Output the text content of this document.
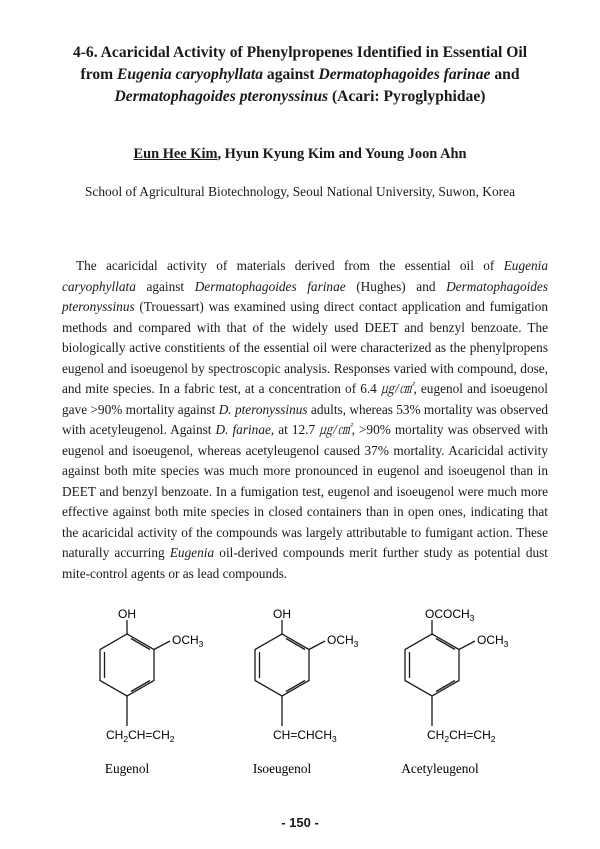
4-6. Acaricidal Activity of Phenylpropenes Identified in Essential Oil
from Eugenia caryophyllata against Dermatophagoides farinae and
Dermatophagoides pteronyssinus (Acari: Pyroglyphidae)
Eun Hee Kim, Hyun Kyung Kim and Young Joon Ahn
School of Agricultural Biotechnology, Seoul National University, Suwon, Korea
The acaricidal activity of materials derived from the essential oil of Eugenia caryophyllata against Dermatophagoides farinae (Hughes) and Dermatophagoides pteronyssinus (Trouessart) was examined using direct contact application and fumigation methods and compared with that of the widely used DEET and benzyl benzoate. The biologically active constitients of the essential oil were characterized as the phenylpropens eugenol and isoeugenol by spectroscopic analysis. Responses varied with compound, dose, and mite species. In a fabric test, at a concentration of 6.4 ㎍/㎠, eugenol and isoeugenol gave >90% mortality against D. pteronyssinus adults, whereas 53% mortality was observed with acetyleugenol. Against D. farinae, at 12.7 ㎍/㎠, >90% mortality was observed with eugenol and isoeugenol, whereas acetyleugenol caused 37% mortality. Acaricidal activity against both mite species was much more pronounced in eugenol and isoeugenol than in DEET and benzyl benzoate. In a fumigation test, eugenol and isoeugenol were much more effective against both mite species in closed containers than in open ones, indicating that the acaricidal activity of the compounds was largely attributable to fumigant action. These naturally accurring Eugenia oil-derived compounds merit further study as potential dust mite-control agents or as lead compounds.
OH
$OCH_3$
$CH_2CH=CH_2$
Eugenol
OH
$OCH_3$
$CH=CHCH_3$
Isoeugenol
$OCOCH_3$
$OCH_3$
$CH_2CH=CH_2$
Acetyleugenol
- 150 -
